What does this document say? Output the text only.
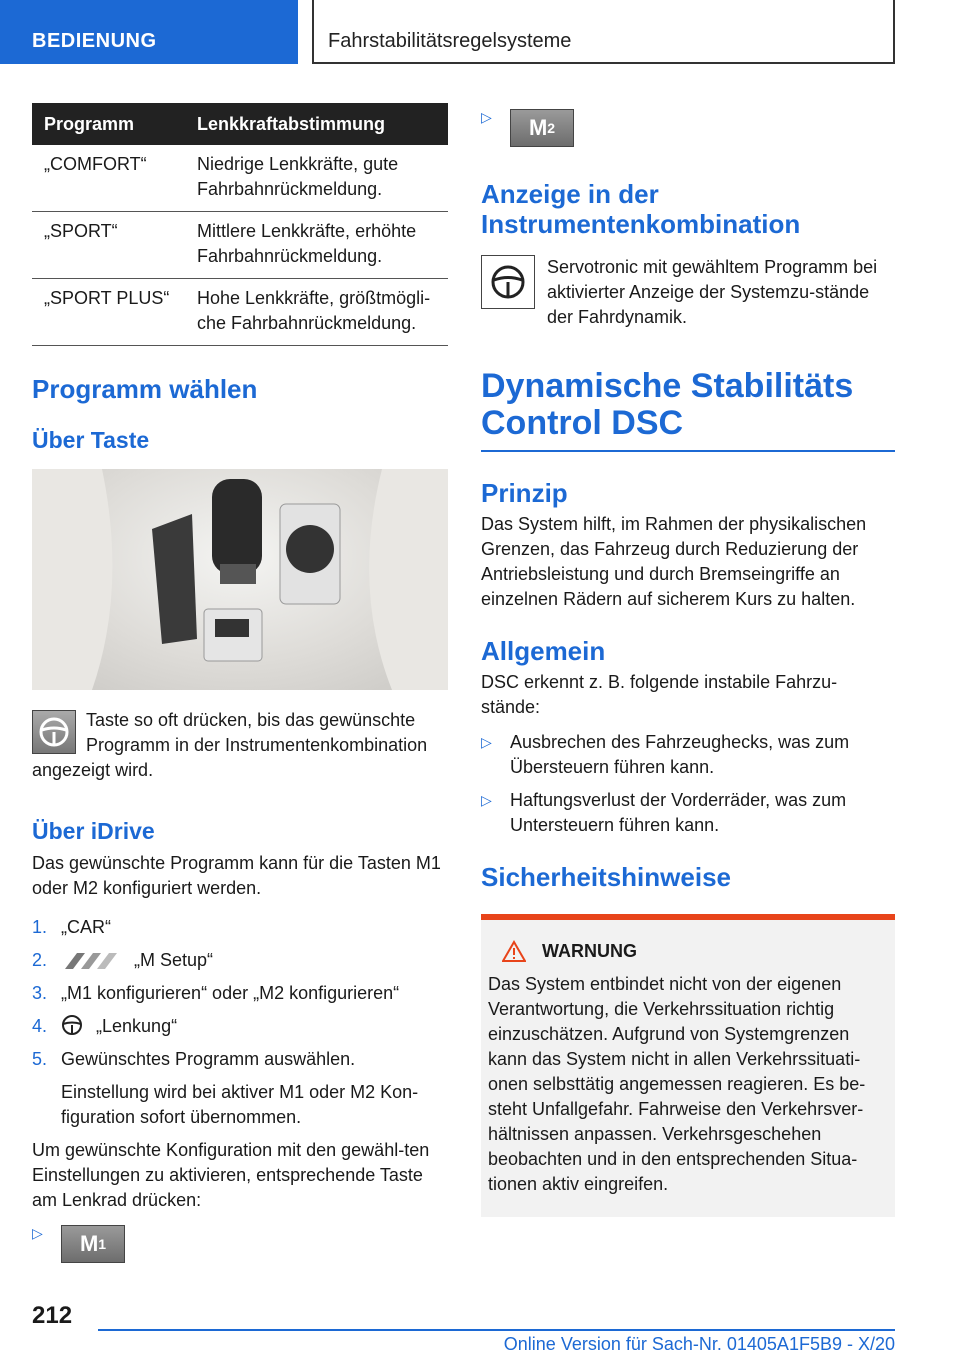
BEDIENUNG	Fahrstabilitätsregelsysteme
Programm	Lenkkraftabstimmung
„COMFORT“	Niedrige Lenkkräfte, gute Fahrbahnrückmeldung.
„SPORT“	Mittlere Lenkkräfte, erhöhte Fahrbahnrückmeldung.
„SPORT PLUS“	Hohe Lenkkräfte, größtmögli-che Fahrbahnrückmeldung.
Programm wählen
Über Taste

Taste so oft drücken, bis das gewünschte Programm in der Instrumentenkombination angezeigt wird.

Über iDrive

Das gewünschte Programm kann für die Tasten M1 oder M2 konfiguriert werden.

1. „CAR“
2.	„M Setup“
3. „M1 konfigurieren“ oder „M2 konfigurieren“
4.	„Lenkung“
5. Gewünschtes Programm auswählen.

Einstellung wird bei aktiver M1 oder M2 Kon-figuration sofort übernommen.

Um gewünschte Konfiguration mit den gewähl-ten Einstellungen zu aktivieren, entsprechende Taste am Lenkrad drücken:

▷	M 1
▷	M 2
Anzeige in der Instrumentenkombination

Servotronic mit gewähltem Programm bei aktivierter Anzeige der Systemzu-stände der Fahrdynamik.

Dynamische Stabilitäts Control DSC
Prinzip

Das System hilft, im Rahmen der physikalischen Grenzen, das Fahrzeug durch Reduzierung der Antriebsleistung und durch Bremseingriffe an einzelnen Rädern auf sicherem Kurs zu halten.

Allgemein

DSC erkennt z. B. folgende instabile Fahrzu-stände:

▷ Ausbrechen des Fahrzeughecks, was zum Übersteuern führen kann.
▷ Haftungsverlust der Vorderräder, was zum Untersteuern führen kann.
Sicherheitshinweise
WARNUNG

Das System entbindet nicht von der eigenen Verantwortung, die Verkehrssituation richtig einzuschätzen. Aufgrund von Systemgrenzen kann das System nicht in allen Verkehrssituati-onen selbsttätig angemessen reagieren. Es be-steht Unfallgefahr. Fahrweise den Verkehrsver-hältnissen anpassen. Verkehrsgeschehen beobachten und in den entsprechenden Situa-tionen aktiv eingreifen.

212
Online Version für Sach-Nr. 01405A1F5B9 - X/20
